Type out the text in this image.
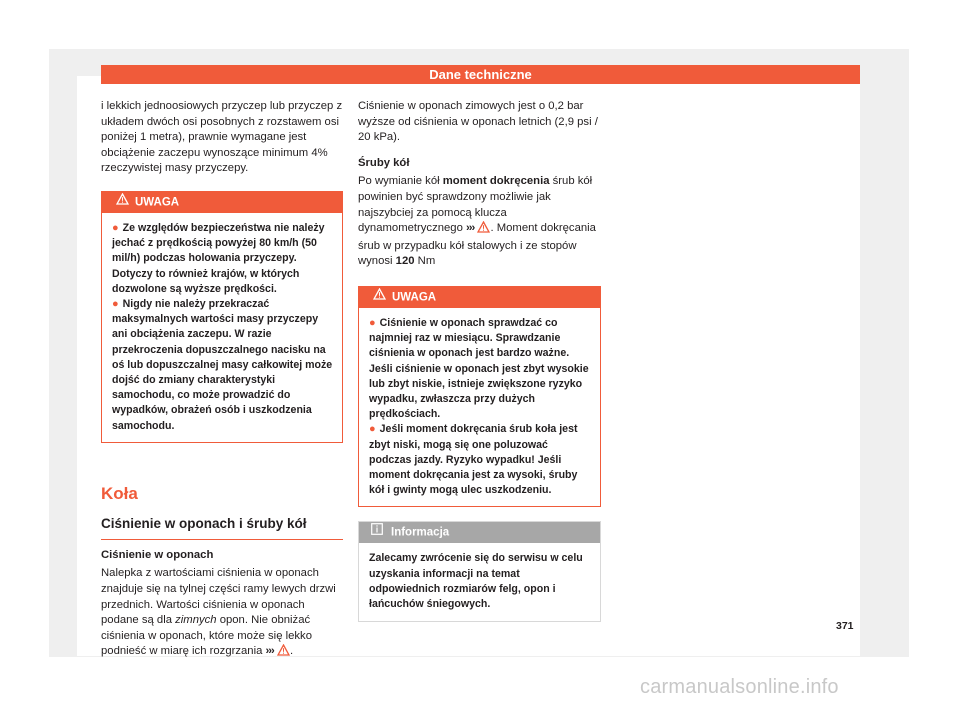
Dane techniczne

i lekkich jednoosiowych przyczep lub przyczep z układem dwóch osi posobnych z rozstawem osi poniżej 1 metra), prawnie wymagane jest obciążenie zaczepu wynoszące minimum 4% rzeczywistej masy przyczepy.

UWAGA

● Ze względów bezpieczeństwa nie należy jechać z prędkością powyżej 80 km/h (50 mil/h) podczas holowania przyczepy. Dotyczy to również krajów, w których dozwolone są wyższe prędkości.

● Nigdy nie należy przekraczać maksymalnych wartości masy przyczepy ani obciążenia zaczepu. W razie przekroczenia dopuszczalnego nacisku na oś lub dopuszczalnej masy całkowitej może dojść do zmiany charakterystyki samochodu, co może prowadzić do wypadków, obrażeń osób i uszkodzenia samochodu.

Koła
Ciśnienie w oponach i śruby kół
Ciśnienie w oponach

Nalepka z wartościami ciśnienia w oponach znajduje się na tylnej części ramy lewych drzwi przednich. Wartości ciśnienia w oponach podane są dla zimnych opon. Nie obniżać ciśnienia w oponach, które może się lekko podnieść w miarę ich rozgrzania ››› .

Ciśnienie w oponach zimowych jest o 0,2 bar wyższe od ciśnienia w oponach letnich (2,9 psi / 20 kPa).

Śruby kół

Po wymianie kół moment dokręcenia śrub kół powinien być sprawdzony możliwie jak najszybciej za pomocą klucza dynamometrycznego ››› . Moment dokręcania śrub w przypadku kół stalowych i ze stopów wynosi 120 Nm

UWAGA

● Ciśnienie w oponach sprawdzać co najmniej raz w miesiącu. Sprawdzanie ciśnienia w oponach jest bardzo ważne. Jeśli ciśnienie w oponach jest zbyt wysokie lub zbyt niskie, istnieje zwiększone ryzyko wypadku, zwłaszcza przy dużych prędkościach.

● Jeśli moment dokręcania śrub koła jest zbyt niski, mogą się one poluzować podczas jazdy. Ryzyko wypadku! Jeśli moment dokręcania jest za wysoki, śruby kół i gwinty mogą ulec uszkodzeniu.

Informacja
Zalecamy zwrócenie się do serwisu w celu uzyskania informacji na temat odpowiednich rozmiarów felg, opon i łańcuchów śniegowych.
371
carmanualsonline.info
